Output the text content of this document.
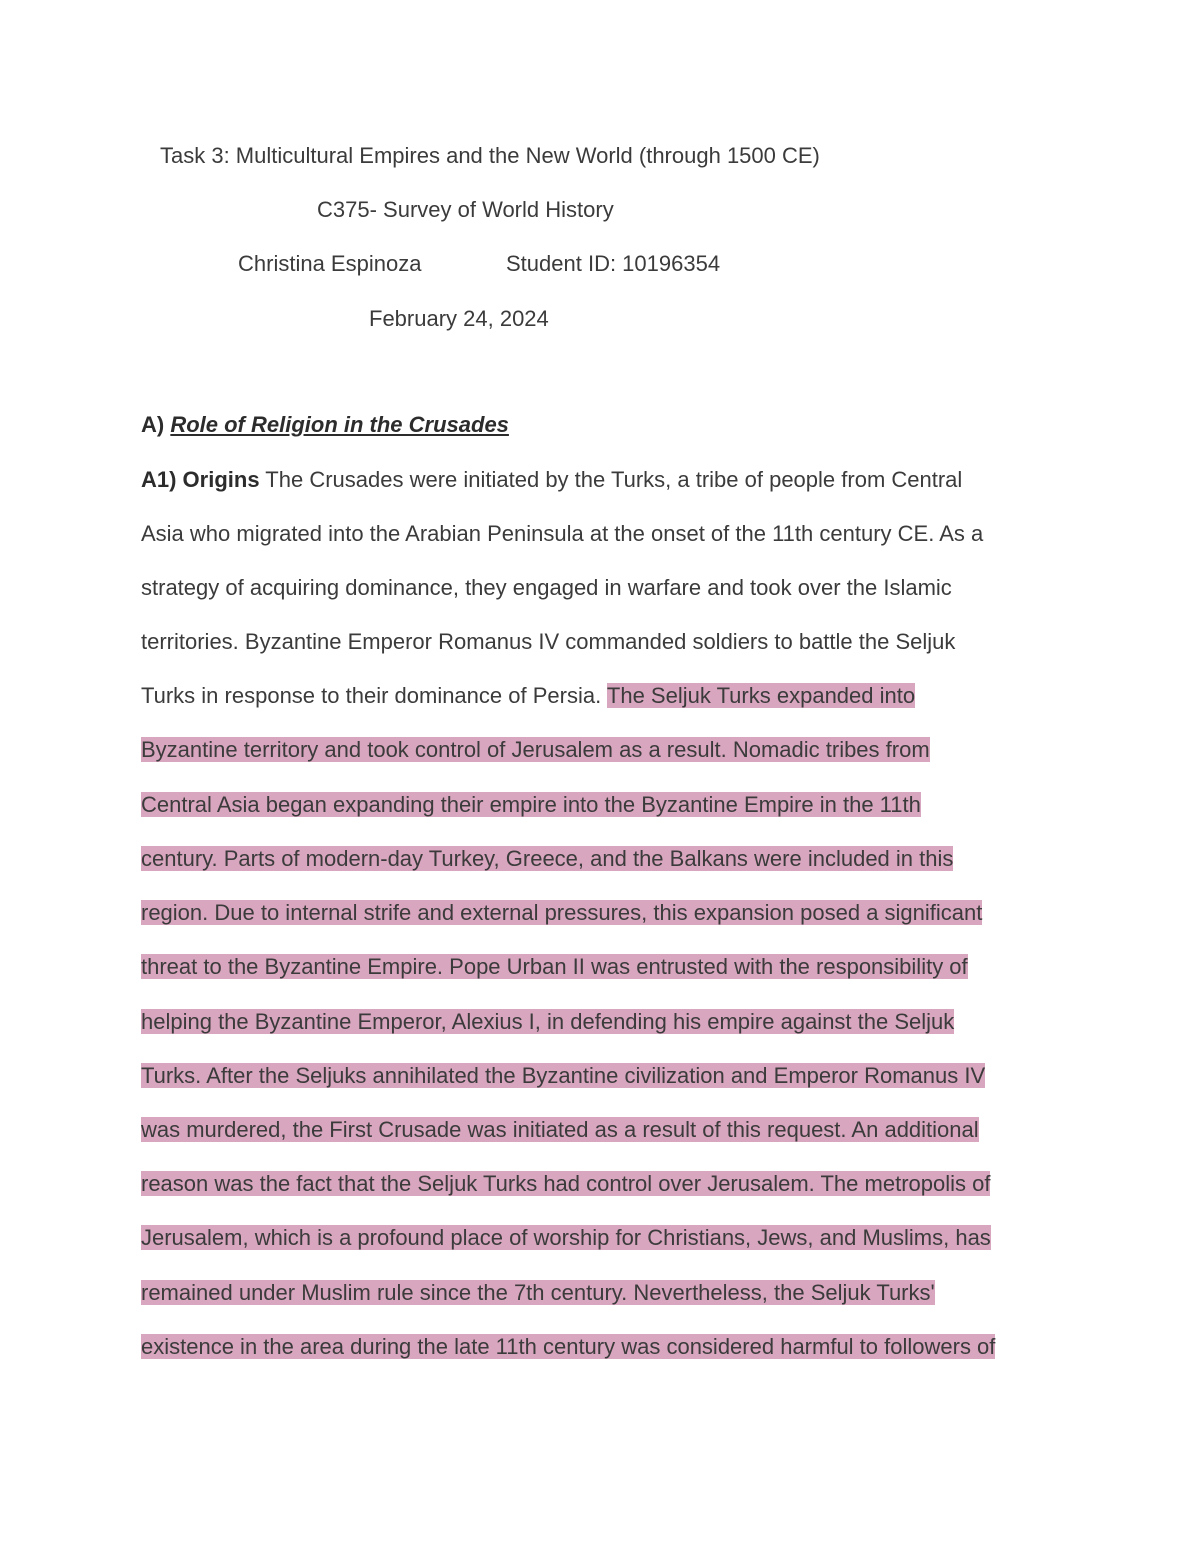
Task 3: Multicultural Empires and the New World (through 1500 CE)
C375- Survey of World History
Christina Espinoza	Student ID: 10196354
February 24, 2024
A) Role of Religion in the Crusades
A1) Origins The Crusades were initiated by the Turks, a tribe of people from Central
Asia who migrated into the Arabian Peninsula at the onset of the 11th century CE. As a
strategy of acquiring dominance, they engaged in warfare and took over the Islamic
territories. Byzantine Emperor Romanus IV commanded soldiers to battle the Seljuk
Turks in response to their dominance of Persia. The Seljuk Turks expanded into
Byzantine territory and took control of Jerusalem as a result. Nomadic tribes from
Central Asia began expanding their empire into the Byzantine Empire in the 11th
century. Parts of modern-day Turkey, Greece, and the Balkans were included in this
region. Due to internal strife and external pressures, this expansion posed a significant
threat to the Byzantine Empire. Pope Urban II was entrusted with the responsibility of
helping the Byzantine Emperor, Alexius I, in defending his empire against the Seljuk
Turks. After the Seljuks annihilated the Byzantine civilization and Emperor Romanus IV
was murdered, the First Crusade was initiated as a result of this request. An additional
reason was the fact that the Seljuk Turks had control over Jerusalem. The metropolis of
Jerusalem, which is a profound place of worship for Christians, Jews, and Muslims, has
remained under Muslim rule since the 7th century. Nevertheless, the Seljuk Turks'
existence in the area during the late 11th century was considered harmful to followers of
